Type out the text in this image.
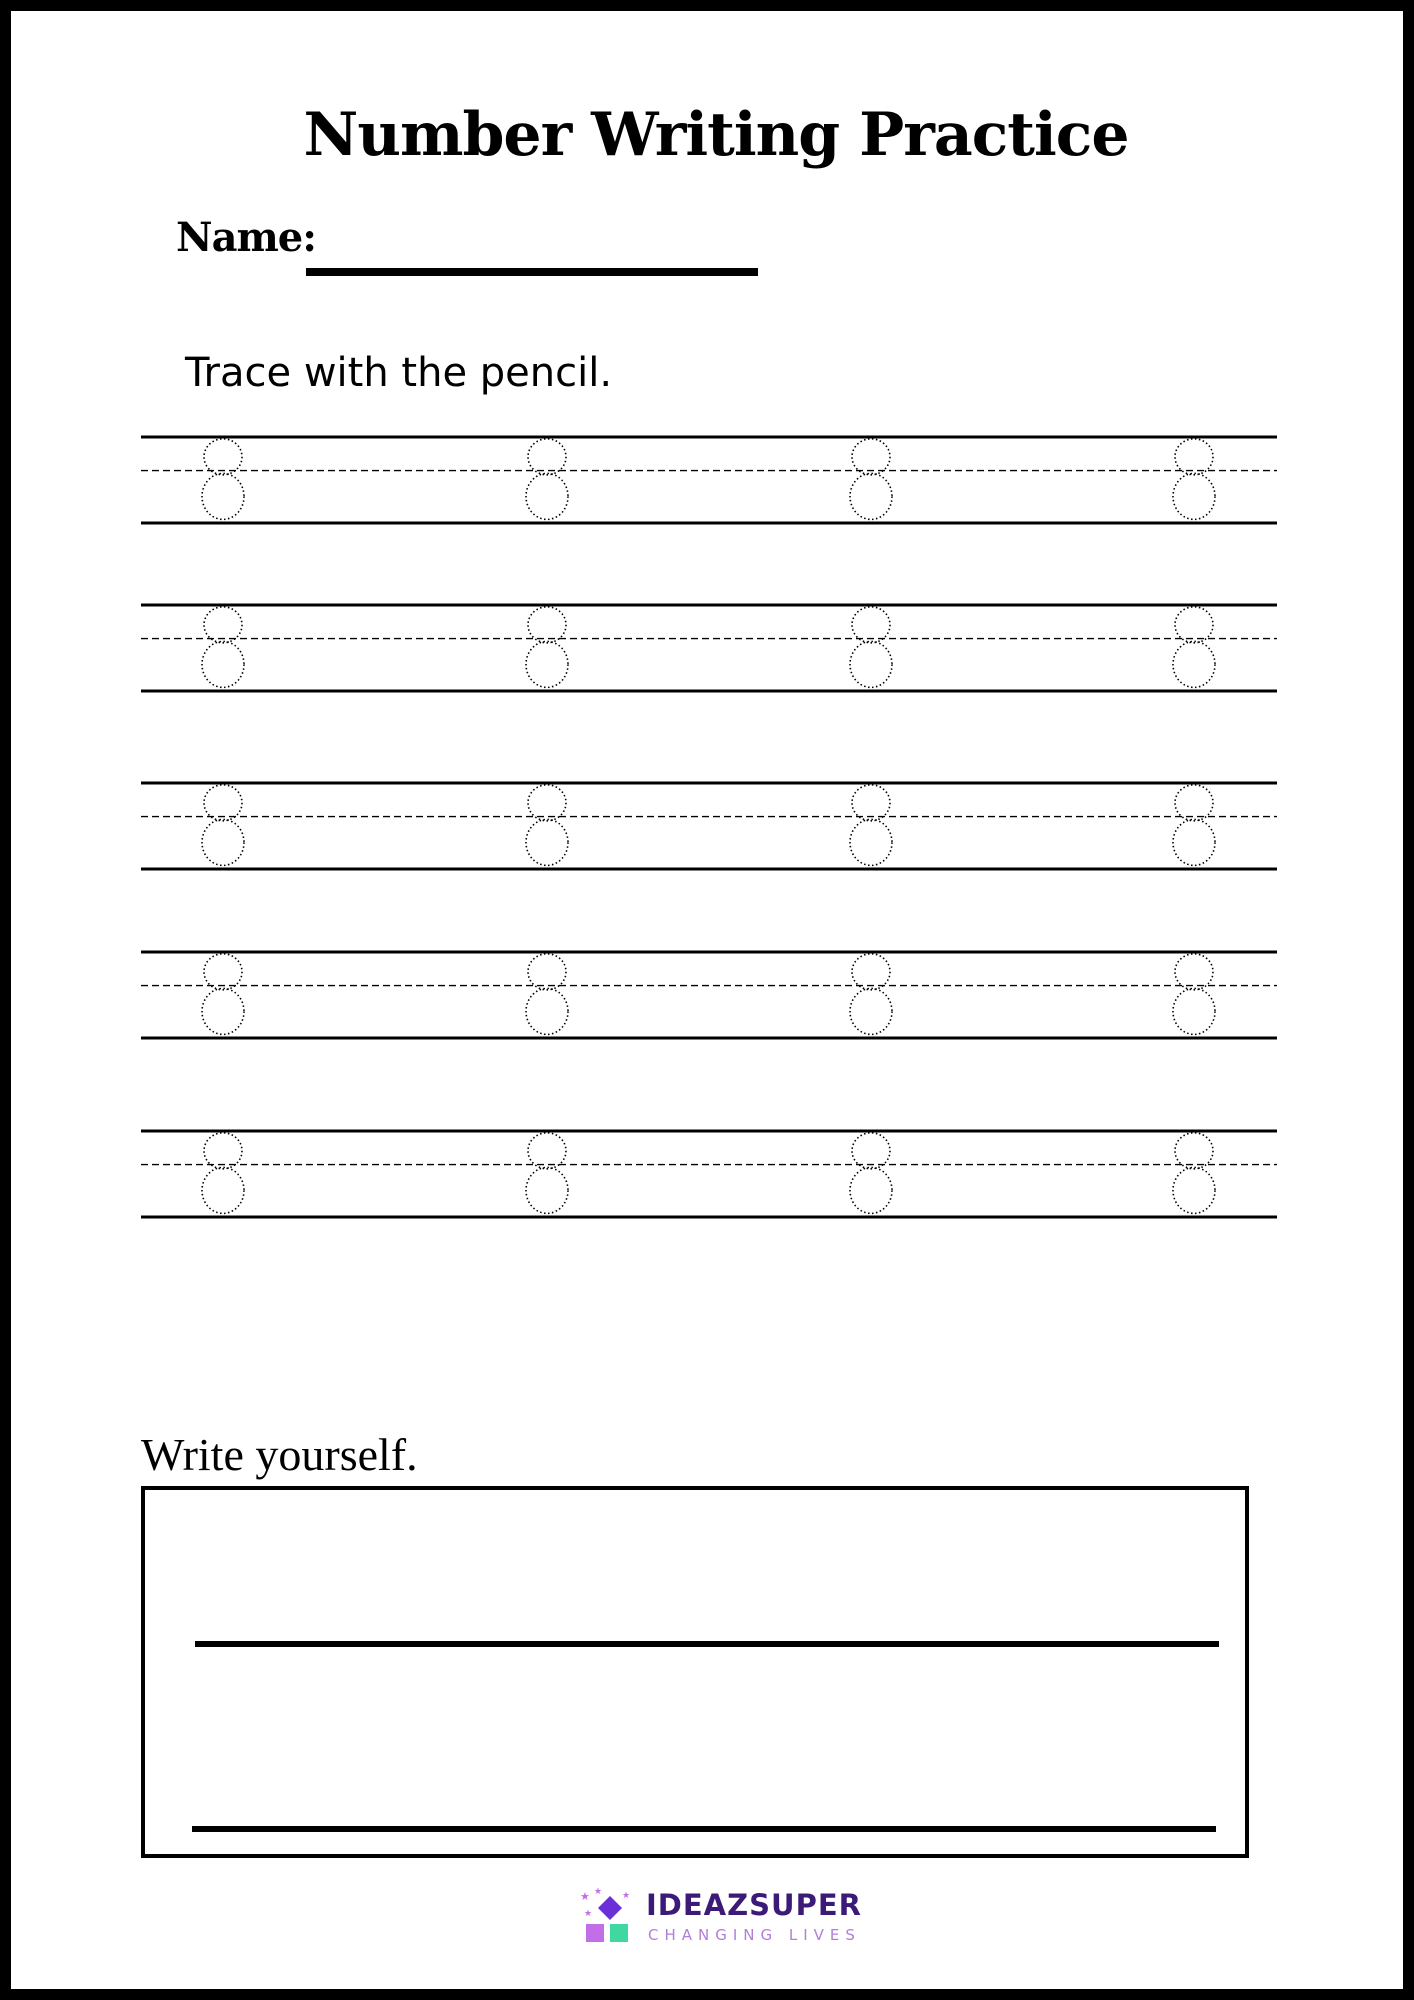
Number Writing Practice
Name:
Trace with the pencil.
Write yourself.
★ ★ ★
★ IDEAZSUPER
CHANGING LIVES
